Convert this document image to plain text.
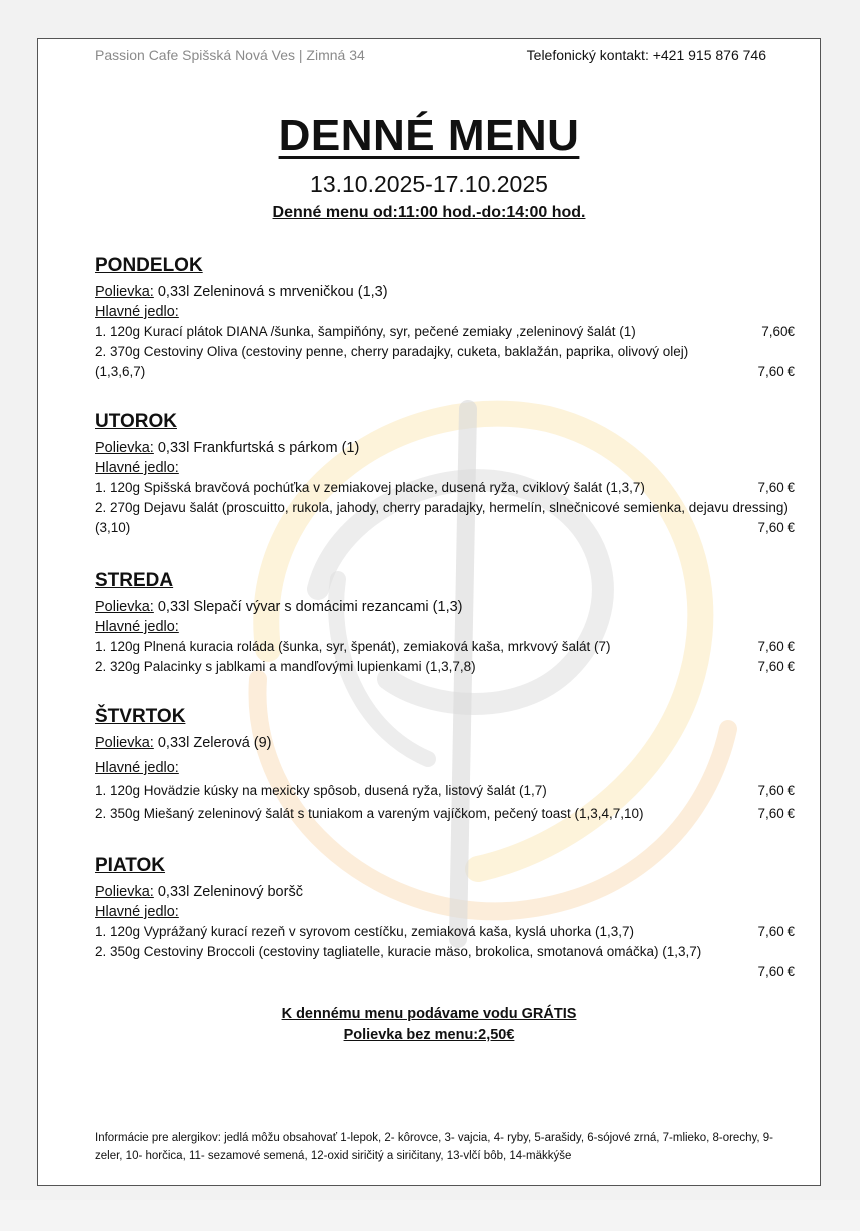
Passion Cafe Spišská Nová Ves | Zimná 34	Telefonický kontakt: +421 915 876 746
DENNÉ MENU
13.10.2025-17.10.2025
Denné menu od:11:00 hod.-do:14:00 hod.
PONDELOK
Polievka: 0,33l Zeleninová s mrveničkou (1,3)
Hlavné jedlo:
1. 120g Kurací plátok DIANA /šunka, šampiňóny, syr, pečené zemiaky ,zeleninový šalát (1)	7,60€
2. 370g Cestoviny Oliva (cestoviny penne, cherry paradajky, cuketa, baklažán, paprika, olivový olej)(1,3,6,7)	7,60 €
UTOROK
Polievka: 0,33l Frankfurtská s párkom (1)
Hlavné jedlo:
1. 120g Spišská bravčová pochúťka v zemiakovej placke, dusená ryža, cviklový šalát (1,3,7)	7,60 €
2. 270g Dejavu šalát (proscuitto, rukola, jahody, cherry paradajky, hermelín, slnečnicové semienka, dejavu dressing) (3,10)	7,60 €
STREDA
Polievka: 0,33l Slepačí vývar s domácimi rezancami (1,3)
Hlavné jedlo:
1. 120g Plnená kuracia roláda (šunka, syr, špenát), zemiaková kaša, mrkvový šalát (7)	7,60 €
2. 320g Palacinky s jablkami a mandľovými lupienkami (1,3,7,8)	7,60 €
ŠTVRTOK
Polievka: 0,33l Zelerová (9)
Hlavné jedlo:
1. 120g Hovädzie kúsky na mexicky spôsob, dusená ryža, listový šalát (1,7)	7,60 €
2. 350g Miešaný zeleninový šalát s tuniakom a vareným vajíčkom, pečený toast (1,3,4,7,10)	7,60 €
PIATOK
Polievka: 0,33l Zeleninový boršč
Hlavné jedlo:
1. 120g Vyprážaný kurací rezeň v syrovom cestíčku, zemiaková kaša, kyslá uhorka (1,3,7)	7,60 €
2. 350g Cestoviny Broccoli (cestoviny tagliatelle, kuracie mäso, brokolica, smotanová omáčka) (1,3,7)
7,60 €
K dennému menu podávame vodu GRÁTIS
Polievka bez menu:2,50€
Informácie pre alergikov: jedlá môžu obsahovať 1-lepok, 2- kôrovce, 3- vajcia, 4- ryby, 5-arašidy, 6-sójové zrná, 7-mlieko, 8-orechy, 9- zeler, 10- horčica, 11- sezamové semená, 12-oxid siričitý a siričitany, 13-vlčí bôb, 14-mäkkýše
